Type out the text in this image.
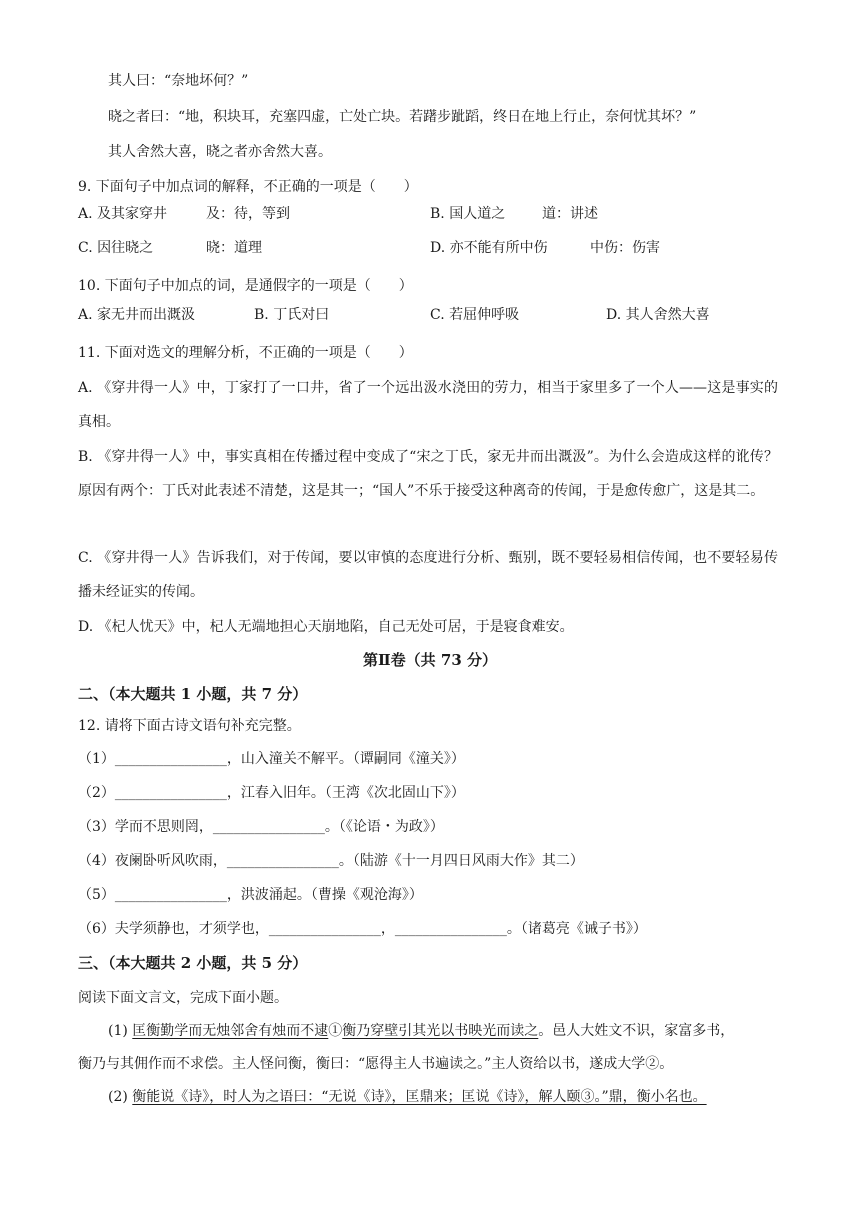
其人曰：“奈地坏何？”
晓之者曰：“地，积块耳，充塞四虚，亡处亡块。若躇步跐蹈，终日在地上行止，奈何忧其坏？”
其人舍然大喜，晓之者亦舍然大喜。
9. 下面句子中加点词的解释，不正确的一项是（　　）
A. 及其家穿井	及：待，等到	B. 国人道之	道：讲述
C. 因往晓之	晓：道理	D. 亦不能有所中伤	中伤：伤害
10. 下面句子中加点的词，是通假字的一项是（　　）
A. 家无井而出溉汲	B. 丁氏对曰	C. 若屈伸呼吸	D. 其人舍然大喜
11. 下面对选文的理解分析，不正确的一项是（　　）
A. 《穿井得一人》中，丁家打了一口井，省了一个远出汲水浇田的劳力，相当于家里多了一个人——这是事实的真相。
B. 《穿井得一人》中，事实真相在传播过程中变成了“宋之丁氏，家无井而出溉汲”。为什么会造成这样的讹传？原因有两个：丁氏对此表述不清楚，这是其一；“国人”不乐于接受这种离奇的传闻，于是愈传愈广，这是其二。
C. 《穿井得一人》告诉我们，对于传闻，要以审慎的态度进行分析、甄别，既不要轻易相信传闻，也不要轻易传播未经证实的传闻。
D. 《杞人忧天》中，杞人无端地担心天崩地陷，自己无处可居，于是寝食难安。
第Ⅱ卷（共 73 分）
二、（本大题共 1 小题，共 7 分）
12. 请将下面古诗文语句补充完整。
（1）________________，山入潼关不解平。（谭嗣同《潼关》）
（2）________________，江春入旧年。（王湾《次北固山下》）
（3）学而不思则罔，________________。（《论语・为政》）
（4）夜阑卧听风吹雨，________________。（陆游《十一月四日风雨大作》其二）
（5）________________，洪波涌起。（曹操《观沧海》）
（6）夫学须静也，才须学也，________________，________________。（诸葛亮《诫子书》）
三、（本大题共 2 小题，共 5 分）
阅读下面文言文，完成下面小题。
(1) 匡衡勤学而无烛邻舍有烛而不逮①衡乃穿壁引其光以书映光而读之。邑人大姓文不识，家富多书，
衡乃与其佣作而不求偿。主人怪问衡，衡曰：“愿得主人书遍读之。”主人资给以书，遂成大学②。
(2) 衡能说《诗》，时人为之语曰：“无说《诗》，匡鼎来；匡说《诗》，解人颐③。”鼎，衡小名也。
